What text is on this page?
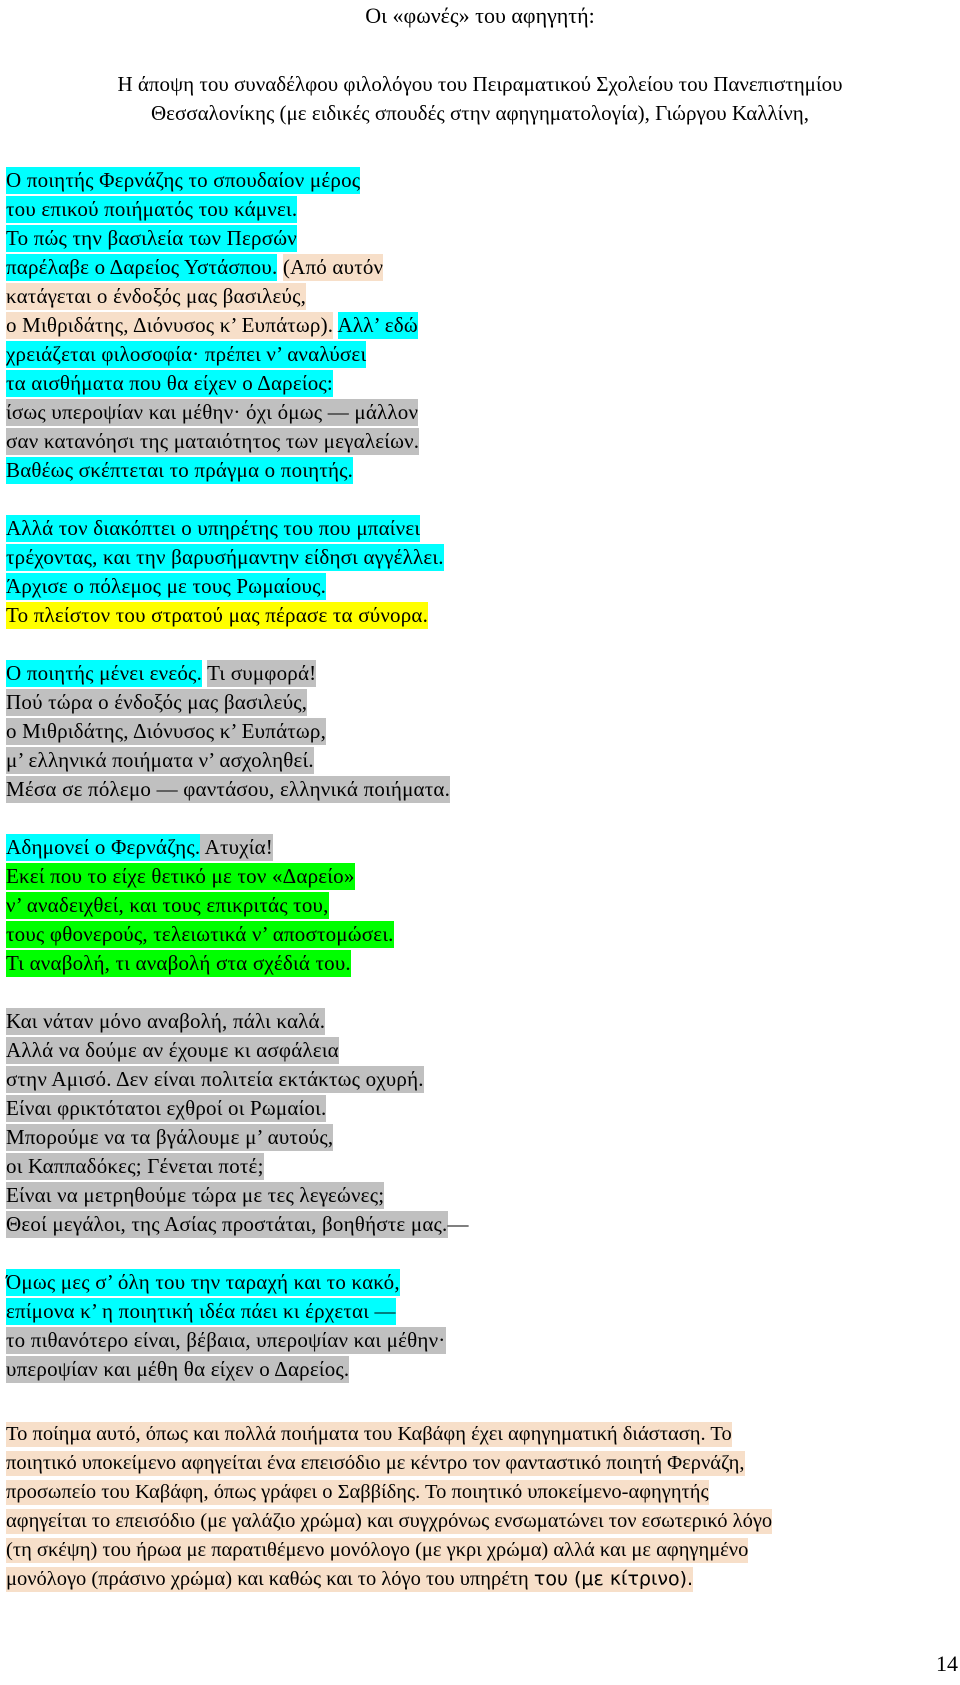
Οι «φωνές» του αφηγητή:
Η άποψη του συναδέλφου φιλολόγου του Πειραματικού Σχολείου του Πανεπιστημίου
Θεσσαλονίκης (με ειδικές σπουδές στην αφηγηματολογία), Γιώργου Καλλίνη,
Ο ποιητής Φερνάζης το σπουδαίον μέρος
του επικού ποιήματός του κάμνει.
Το πώς την βασιλεία των Περσών
παρέλαβε ο Δαρείος Υστάσπου. (Από αυτόν
κατάγεται ο ένδοξός μας βασιλεύς,
ο Μιθριδάτης, Διόνυσος κ’ Ευπάτωρ). Αλλ’ εδώ
χρειάζεται φιλοσοφία· πρέπει ν’ αναλύσει
τα αισθήματα που θα είχεν ο Δαρείος:
ίσως υπεροψίαν και μέθην· όχι όμως — μάλλον
σαν κατανόησι της ματαιότητος των μεγαλείων.
Βαθέως σκέπτεται το πράγμα ο ποιητής.
Αλλά τον διακόπτει ο υπηρέτης του που μπαίνει
τρέχοντας, και την βαρυσήμαντην είδησι αγγέλλει.
Άρχισε ο πόλεμος με τους Ρωμαίους.
Το πλείστον του στρατού μας πέρασε τα σύνορα.
Ο ποιητής μένει ενεός. Τι συμφορά!
Πού τώρα ο ένδοξός μας βασιλεύς,
ο Μιθριδάτης, Διόνυσος κ’ Ευπάτωρ,
μ’ ελληνικά ποιήματα ν’ ασχοληθεί.
Μέσα σε πόλεμο — φαντάσου, ελληνικά ποιήματα.
Αδημονεί ο Φερνάζης. Ατυχία!
Εκεί που το είχε θετικό με τον «Δαρείο»
ν’ αναδειχθεί, και τους επικριτάς του,
τους φθονερούς, τελειωτικά ν’ αποστομώσει.
Τι αναβολή, τι αναβολή στα σχέδιά του.
Και νάταν μόνο αναβολή, πάλι καλά.
Αλλά να δούμε αν έχουμε κι ασφάλεια
στην Αμισό. Δεν είναι πολιτεία εκτάκτως οχυρή.
Είναι φρικτότατοι εχθροί οι Ρωμαίοι.
Μπορούμε να τα βγάλουμε μ’ αυτούς,
οι Καππαδόκες; Γένεται ποτέ;
Είναι να μετρηθούμε τώρα με τες λεγεώνες;
Θεοί μεγάλοι, της Ασίας προστάται, βοηθήστε μας.—
Όμως μες σ’ όλη του την ταραχή και το κακό,
επίμονα κ’ η ποιητική ιδέα πάει κι έρχεται —
το πιθανότερο είναι, βέβαια, υπεροψίαν και μέθην·
υπεροψίαν και μέθη θα είχεν ο Δαρείος.
Το ποίημα αυτό, όπως και πολλά ποιήματα του Καβάφη έχει αφηγηματική διάσταση. Το
ποιητικό υποκείμενο αφηγείται ένα επεισόδιο με κέντρο τον φανταστικό ποιητή Φερνάζη,
προσωπείο του Καβάφη, όπως γράφει ο Σαββίδης. Το ποιητικό υποκείμενο-αφηγητής
αφηγείται το επεισόδιο (με γαλάζιο χρώμα) και συγχρόνως ενσωματώνει τον εσωτερικό λόγο
(τη σκέψη) του ήρωα με παρατιθέμενο μονόλογο (με γκρι χρώμα) αλλά και με αφηγημένο
μονόλογο (πράσινο χρώμα) και καθώς και το λόγο του υπηρέτη του (με κίτρινο).
14
